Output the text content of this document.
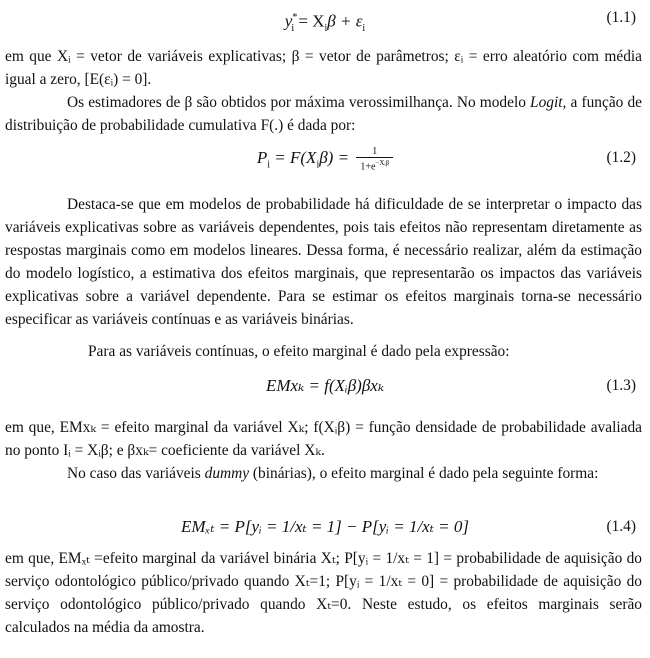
$y^*_i = X_i\beta + \varepsilon_i$
(1.1)
em que Xᵢ = vetor de variáveis explicativas; β = vetor de parâmetros; εᵢ = erro aleatório com média igual a zero, [E(εᵢ) = 0].
Os estimadores de β são obtidos por máxima verossimilhança. No modelo Logit, a função de distribuição de probabilidade cumulativa F(.) é dada por:
$P_i = F(X_i\beta) = \frac{1}{1+e^{-Xᵢ\beta}}$	(1.2)
Destaca-se que em modelos de probabilidade há dificuldade de se interpretar o impacto das variáveis explicativas sobre as variáveis dependentes, pois tais efeitos não representam diretamente as respostas marginais como em modelos lineares. Dessa forma, é necessário realizar, além da estimação do modelo logístico, a estimativa dos efeitos marginais, que representarão os impactos das variáveis explicativas sobre a variável dependente. Para se estimar os efeitos marginais torna-se necessário especificar as variáveis contínuas e as variáveis binárias.
Para as variáveis contínuas, o efeito marginal é dado pela expressão:
EMxₖ = f(Xᵢβ)βxₖ	(1.3)
em que, EMxₖ = efeito marginal da variável Xₖ; f(Xᵢβ) = função densidade de probabilidade avaliada no ponto Iᵢ = Xᵢβ; e βxₖ= coeficiente da variável Xₖ.
No caso das variáveis dummy (binárias), o efeito marginal é dado pela seguinte forma:
EMₓₜ = P[yᵢ = 1/xₜ = 1] − P[yᵢ = 1/xₜ = 0]	(1.4)
em que, EMₓₜ =efeito marginal da variável binária Xₜ; P[yᵢ = 1/xₜ = 1] = probabilidade de aquisição do serviço odontológico público/privado quando Xₜ=1; P[yᵢ = 1/xₜ = 0] = probabilidade de aquisição do serviço odontológico público/privado quando Xₜ=0. Neste estudo, os efeitos marginais serão calculados na média da amostra.
